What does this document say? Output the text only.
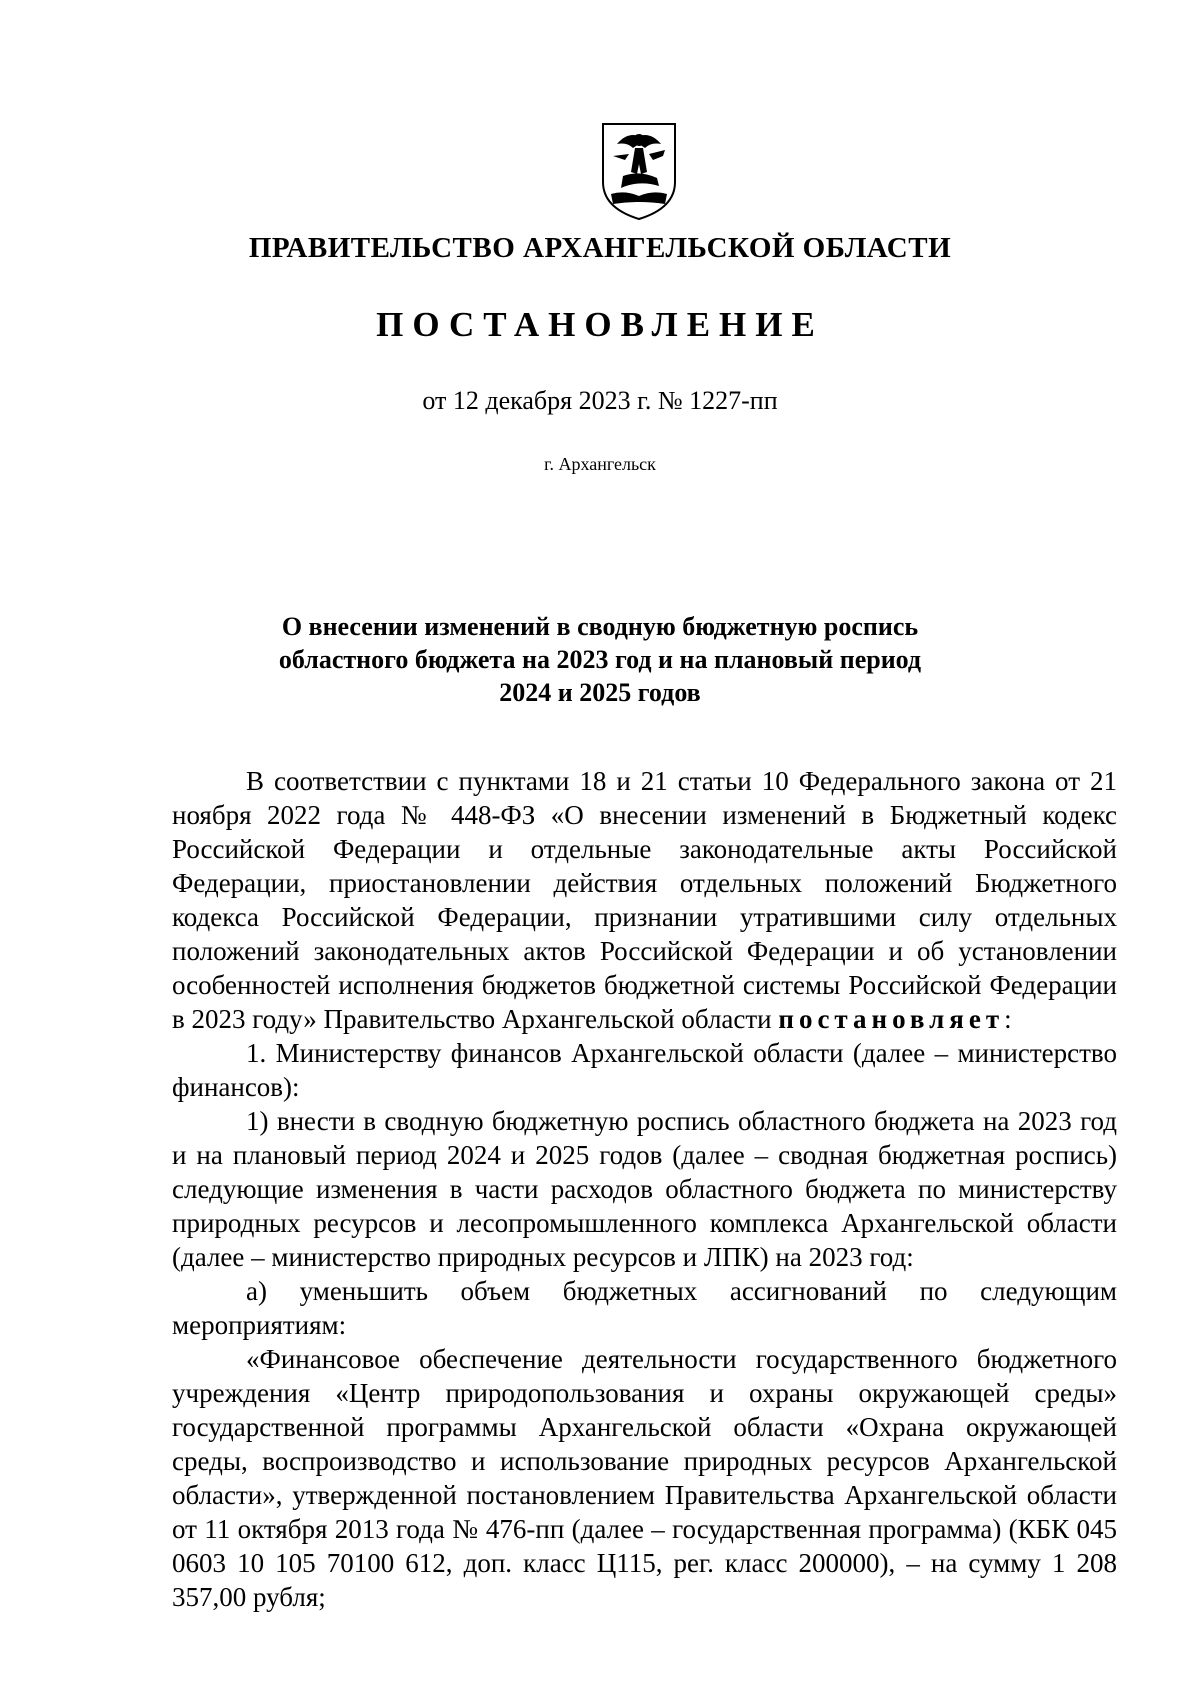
ПРАВИТЕЛЬСТВО АРХАНГЕЛЬСКОЙ ОБЛАСТИ
ПОСТАНОВЛЕНИЕ
от 12 декабря 2023 г. № 1227-пп
г. Архангельск
О внесении изменений в сводную бюджетную роспись
областного бюджета на 2023 год и на плановый период
2024 и 2025 годов

В соответствии с пунктами 18 и 21 статьи 10 Федерального закона от 21 ноября 2022 года № 448-ФЗ «О внесении изменений в Бюджетный кодекс Российской Федерации и отдельные законодательные акты Российской Федерации, приостановлении действия отдельных положений Бюджетного кодекса Российской Федерации, признании утратившими силу отдельных положений законодательных актов Российской Федерации и об установлении особенностей исполнения бюджетов бюджетной системы Российской Федерации в 2023 году» Правительство Архангельской области постановляет:

1. Министерству финансов Архангельской области (далее – министерство финансов):

1) внести в сводную бюджетную роспись областного бюджета на 2023 год и на плановый период 2024 и 2025 годов (далее – сводная бюджетная роспись) следующие изменения в части расходов областного бюджета по министерству природных ресурсов и лесопромышленного комплекса Архангельской области (далее – министерство природных ресурсов и ЛПК) на 2023 год:

а) уменьшить объем бюджетных ассигнований по следующим мероприятиям:

«Финансовое обеспечение деятельности государственного бюджетного учреждения «Центр природопользования и охраны окружающей среды» государственной программы Архангельской области «Охрана окружающей среды, воспроизводство и использование природных ресурсов Архангельской области», утвержденной постановлением Правительства Архангельской области от 11 октября 2013 года № 476-пп (далее – государственная программа) (КБК 045 0603 10 105 70100 612, доп. класс Ц115, рег. класс 200000), – на сумму 1 208 357,00 рубля;
